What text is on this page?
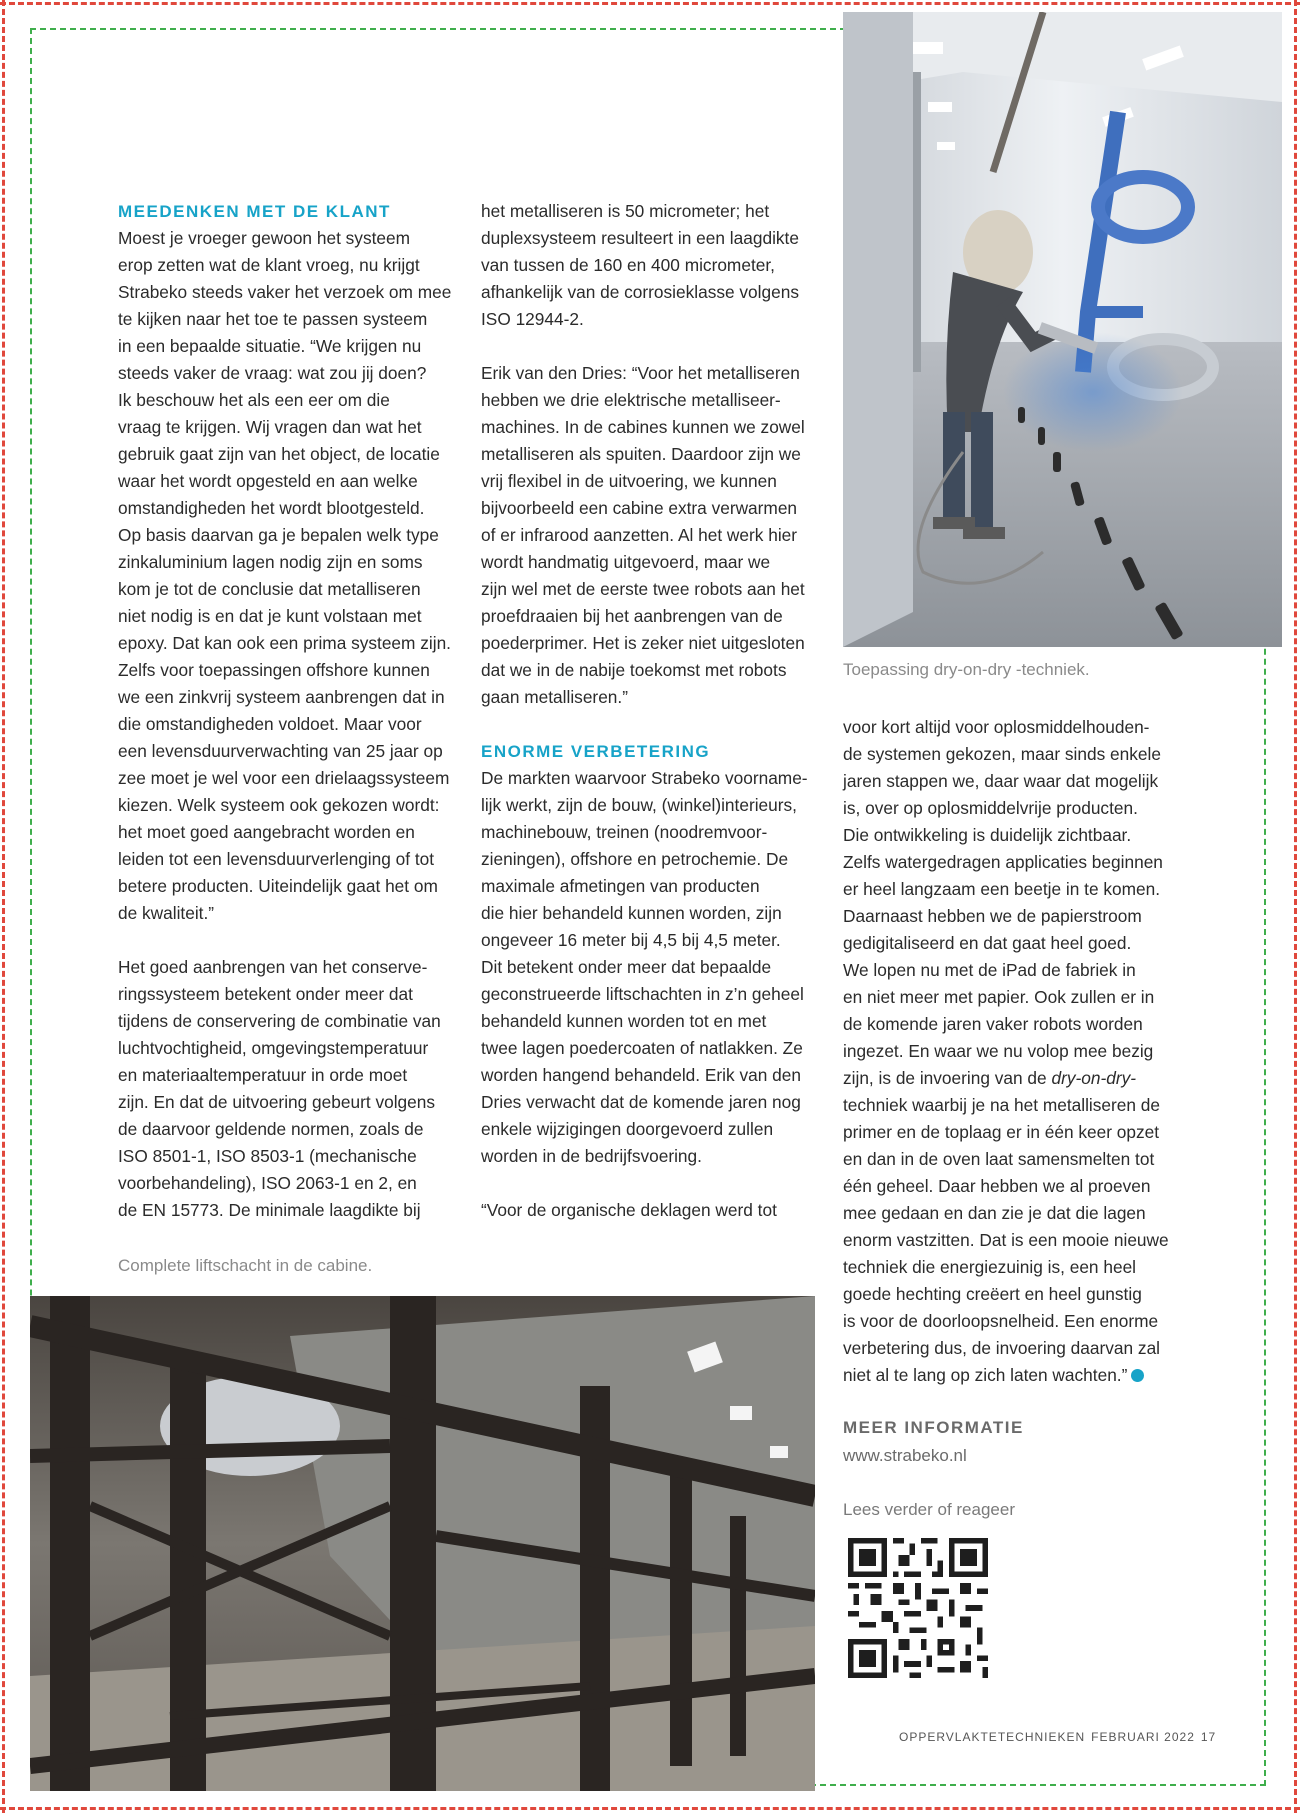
MEEDENKEN MET DE KLANT

Moest je vroeger gewoon het systeem
erop zetten wat de klant vroeg, nu krijgt
Strabeko steeds vaker het verzoek om mee
te kijken naar het toe te passen systeem
in een bepaalde situatie. “We krijgen nu
steeds vaker de vraag: wat zou jij doen?
Ik beschouw het als een eer om die
vraag te krijgen. Wij vragen dan wat het
gebruik gaat zijn van het object, de locatie
waar het wordt opgesteld en aan welke
omstandigheden het wordt blootgesteld.
Op basis daarvan ga je bepalen welk type
zinkaluminium lagen nodig zijn en soms
kom je tot de conclusie dat metalliseren
niet nodig is en dat je kunt volstaan met
epoxy. Dat kan ook een prima systeem zijn.
Zelfs voor toepassingen offshore kunnen
we een zinkvrij systeem aanbrengen dat in
die omstandigheden voldoet. Maar voor
een levensduurverwachting van 25 jaar op
zee moet je wel voor een drielaagssysteem
kiezen. Welk systeem ook gekozen wordt:
het moet goed aangebracht worden en
leiden tot een levensduurverlenging of tot
betere producten. Uiteindelijk gaat het om
de kwaliteit.”

Het goed aanbrengen van het conserve-
ringssysteem betekent onder meer dat
tijdens de conservering de combinatie van
luchtvochtigheid, omgevingstemperatuur
en materiaaltemperatuur in orde moet
zijn. En dat de uitvoering gebeurt volgens
de daarvoor geldende normen, zoals de
ISO 8501-1, ISO 8503-1 (mechanische
voorbehandeling), ISO 2063-1 en 2, en
de EN 15773. De minimale laagdikte bij

het metalliseren is 50 micrometer; het
duplexsysteem resulteert in een laagdikte
van tussen de 160 en 400 micrometer,
afhankelijk van de corrosieklasse volgens
ISO 12944-2.

Erik van den Dries: “Voor het metalliseren
hebben we drie elektrische metalliseer-
machines. In de cabines kunnen we zowel
metalliseren als spuiten. Daardoor zijn we
vrij flexibel in de uitvoering, we kunnen
bijvoorbeeld een cabine extra verwarmen
of er infrarood aanzetten. Al het werk hier
wordt handmatig uitgevoerd, maar we
zijn wel met de eerste twee robots aan het
proefdraaien bij het aanbrengen van de
poederprimer. Het is zeker niet uitgesloten
dat we in de nabije toekomst met robots
gaan metalliseren.”

ENORME VERBETERING

De markten waarvoor Strabeko voorname-
lijk werkt, zijn de bouw, (winkel)interieurs,
machinebouw, treinen (noodremvoor-
zieningen), offshore en petrochemie. De
maximale afmetingen van producten
die hier behandeld kunnen worden, zijn
ongeveer 16 meter bij 4,5 bij 4,5 meter.
Dit betekent onder meer dat bepaalde
geconstrueerde liftschachten in z’n geheel
behandeld kunnen worden tot en met
twee lagen poedercoaten of natlakken. Ze
worden hangend behandeld. Erik van den
Dries verwacht dat de komende jaren nog
enkele wijzigingen doorgevoerd zullen
worden in de bedrijfsvoering.

“Voor de organische deklagen werd tot

voor kort altijd voor oplosmiddelhouden-
de systemen gekozen, maar sinds enkele
jaren stappen we, daar waar dat mogelijk
is, over op oplosmiddelvrije producten.
Die ontwikkeling is duidelijk zichtbaar.
Zelfs watergedragen applicaties beginnen
er heel langzaam een beetje in te komen.
Daarnaast hebben we de papierstroom
gedigitaliseerd en dat gaat heel goed.
We lopen nu met de iPad de fabriek in
en niet meer met papier. Ook zullen er in
de komende jaren vaker robots worden
ingezet. En waar we nu volop mee bezig
zijn, is de invoering van de dry-on-dry-
techniek waarbij je na het metalliseren de
primer en de toplaag er in één keer opzet
en dan in de oven laat samensmelten tot
één geheel. Daar hebben we al proeven
mee gedaan en dan zie je dat die lagen
enorm vastzitten. Dat is een mooie nieuwe
techniek die energiezuinig is, een heel
goede hechting creëert en heel gunstig
is voor de doorloopsnelheid. Een enorme
verbetering dus, de invoering daarvan zal
niet al te lang op zich laten wachten.”

Toepassing dry-on-dry -techniek.
Complete liftschacht in de cabine.
MEER INFORMATIE
www.strabeko.nl
Lees verder of reageer
OPPERVLAKTETECHNIEKEN FEBRUARI 2022 17
